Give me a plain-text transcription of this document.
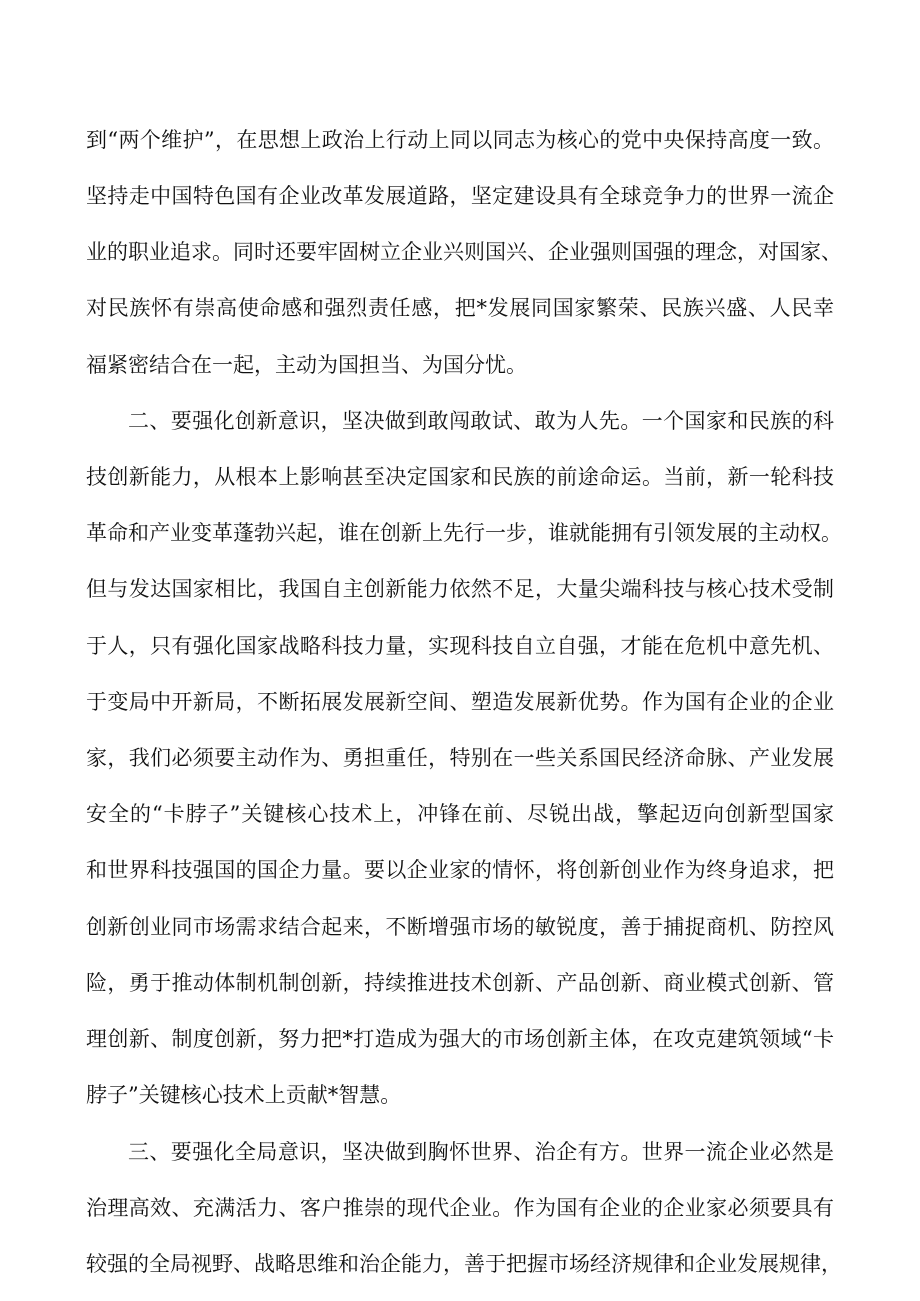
到“两个维护”，在思想上政治上行动上同以同志为核心的党中央保持高度一致。
坚持走中国特色国有企业改革发展道路，坚定建设具有全球竞争力的世界一流企
业的职业追求。同时还要牢固树立企业兴则国兴、企业强则国强的理念，对国家、
对民族怀有崇高使命感和强烈责任感，把*发展同国家繁荣、民族兴盛、人民幸
福紧密结合在一起，主动为国担当、为国分忧。
二、要强化创新意识，坚决做到敢闯敢试、敢为人先。一个国家和民族的科
技创新能力，从根本上影响甚至决定国家和民族的前途命运。当前，新一轮科技
革命和产业变革蓬勃兴起，谁在创新上先行一步，谁就能拥有引领发展的主动权。
但与发达国家相比，我国自主创新能力依然不足，大量尖端科技与核心技术受制
于人，只有强化国家战略科技力量，实现科技自立自强，才能在危机中意先机、
于变局中开新局，不断拓展发展新空间、塑造发展新优势。作为国有企业的企业
家，我们必须要主动作为、勇担重任，特别在一些关系国民经济命脉、产业发展
安全的“卡脖子”关键核心技术上，冲锋在前、尽锐出战，擎起迈向创新型国家
和世界科技强国的国企力量。要以企业家的情怀，将创新创业作为终身追求，把
创新创业同市场需求结合起来，不断增强市场的敏锐度，善于捕捉商机、防控风
险，勇于推动体制机制创新，持续推进技术创新、产品创新、商业模式创新、管
理创新、制度创新，努力把*打造成为强大的市场创新主体，在攻克建筑领域“卡
脖子”关键核心技术上贡献*智慧。
三、要强化全局意识，坚决做到胸怀世界、治企有方。世界一流企业必然是
治理高效、充满活力、客户推崇的现代企业。作为国有企业的企业家必须要具有
较强的全局视野、战略思维和治企能力，善于把握市场经济规律和企业发展规律，
